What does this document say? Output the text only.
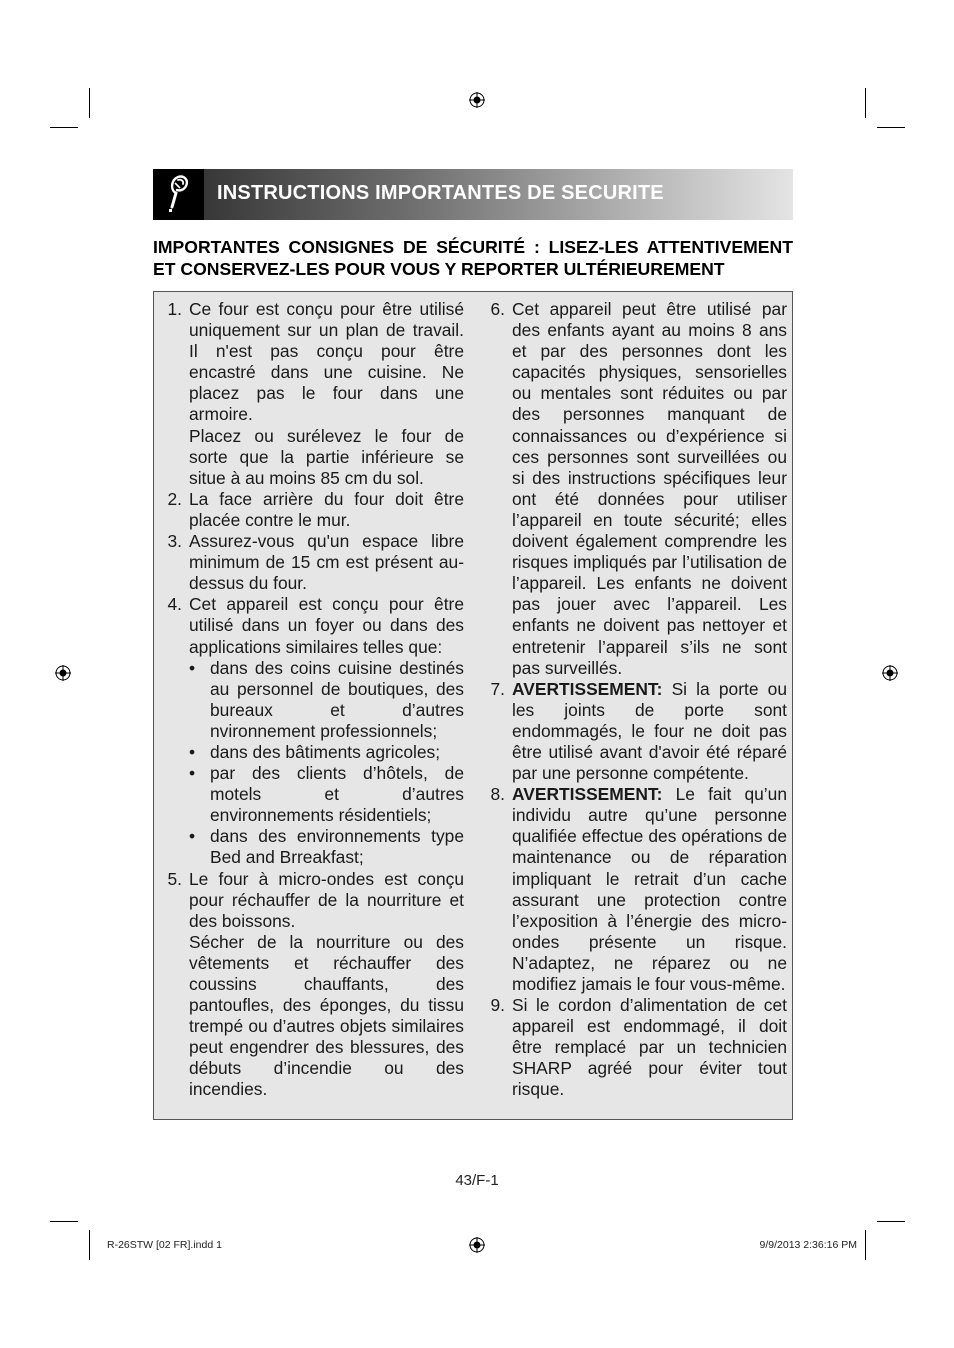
INSTRUCTIONS IMPORTANTES DE SECURITE
IMPORTANTES CONSIGNES DE SÉCURITÉ : LISEZ-LES ATTENTIVEMENT
ET CONSERVEZ-LES POUR VOUS Y REPORTER ULTÉRIEUREMENT
1. Ce four est conçu pour être utilisé uniquement sur un plan de travail. Il n'est pas conçu pour être encastré dans une cuisine. Ne placez pas le four dans une armoire.
Placez ou surélevez le four de sorte que la partie inférieure se situe à au moins 85 cm du sol.
2. La face arrière du four doit être placée contre le mur.
3. Assurez-vous qu'un espace libre minimum de 15 cm est présent au-dessus du four.
4. Cet appareil est conçu pour être utilisé dans un foyer ou dans des applications similaires telles que:
• dans des coins cuisine destinés au personnel de boutiques, des bureaux et d’autres nvironnement professionnels;
• dans des bâtiments agricoles;
• par des clients d’hôtels, de motels et d’autres environnements résidentiels;
• dans des environnements type Bed and Brreakfast;
5. Le four à micro-ondes est conçu pour réchauffer de la nourriture et des boissons.
Sécher de la nourriture ou des vêtements et réchauffer des coussins chauffants, des pantoufles, des éponges, du tissu trempé ou d’autres objets similaires peut engendrer des blessures, des débuts d’incendie ou des incendies.
6. Cet appareil peut être utilisé par des enfants ayant au moins 8 ans et par des personnes dont les capacités physiques, sensorielles ou mentales sont réduites ou par des personnes manquant de connaissances ou d’expérience si ces personnes sont surveillées ou si des instructions spécifiques leur ont été données pour utiliser l’appareil en toute sécurité; elles doivent également comprendre les risques impliqués par l’utilisation de l’appareil. Les enfants ne doivent pas jouer avec l’appareil. Les enfants ne doivent pas nettoyer et entretenir l’appareil s’ils ne sont pas surveillés.
7. AVERTISSEMENT: Si la porte ou les joints de porte sont endommagés, le four ne doit pas être utilisé avant d'avoir été réparé par une personne compétente.
8. AVERTISSEMENT: Le fait qu’un individu autre qu’une personne qualifiée effectue des opérations de maintenance ou de réparation impliquant le retrait d’un cache assurant une protection contre l’exposition à l’énergie des micro-ondes présente un risque. N’adaptez, ne réparez ou ne modifiez jamais le four vous-même.
9. Si le cordon d’alimentation de cet appareil est endommagé, il doit être remplacé par un technicien SHARP agréé pour éviter tout risque.
43/F-1
R-26STW [02 FR].indd 1	9/9/2013 2:36:16 PM
